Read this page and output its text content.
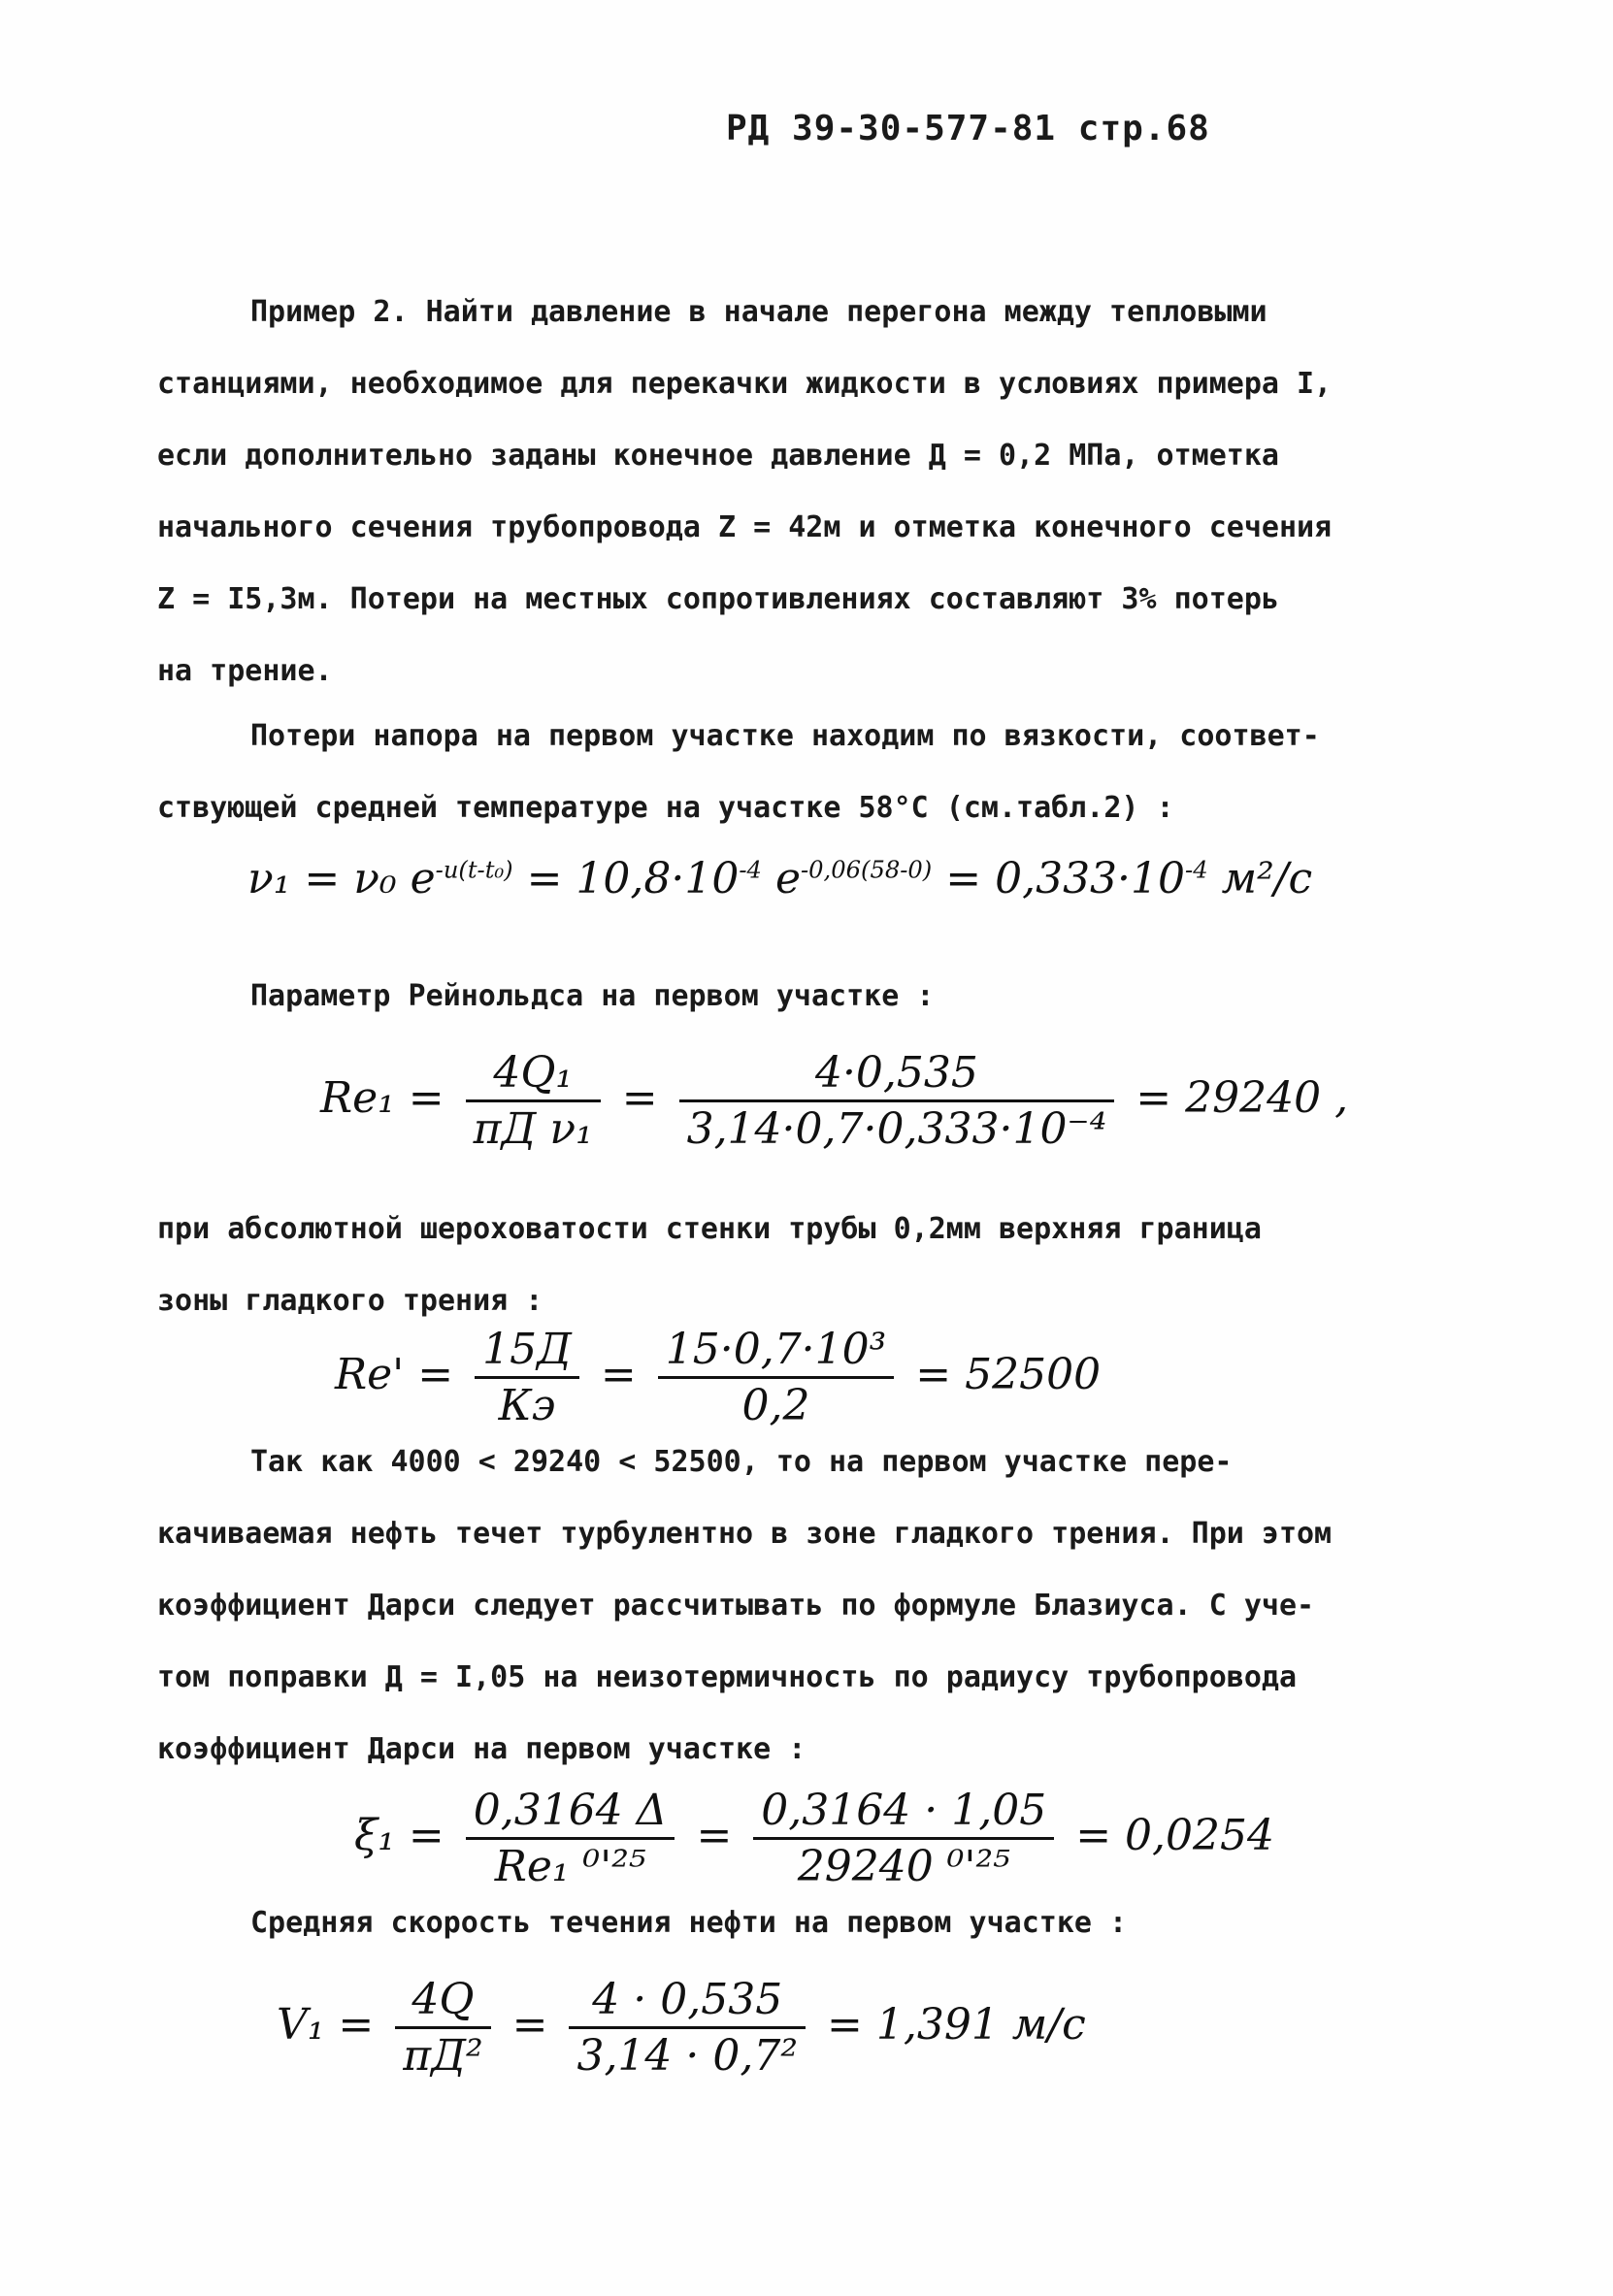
РД 39-30-577-81 стр.68
Пример 2. Найти давление в начале перегона между тепловыми
станциями, необходимое для перекачки жидкости в условиях примера I,
если дополнительно заданы конечное давление Д = 0,2 МПа, отметка
начального сечения трубопровода Z = 42м и отметка конечного сечения
Z = I5,3м. Потери на местных сопротивлениях составляют 3% потерь
на трение.
Потери напора на первом участке находим по вязкости, соответ-
ствующей средней температуре на участке 58°С (см.табл.2) :
ν₁ = ν₀ $e^{-u(t-t_0)} = 10,8\cdot 10^{-4}$ $e^{-0,06(58-0)} = 0,333\cdot 10^{-4}$ м²/с
Параметр Рейнольдса на первом участке :
$Re_1 = \frac{\text{4Q₁}}{\text{πД ν₁}} = \frac{4\cdot 0,535}{\text{3,14·0,7·0,333·10⁻⁴}} = 29240$ ,
при абсолютной шероховатости стенки трубы 0,2мм верхняя граница
зоны гладкого трения :
$Re' = \frac{15Д}{Кэ} = \frac{\text{15·0,7·10³}}{0,2} = 52500$
Так как 4000 < 29240 < 52500, то на первом участке пере-
качиваемая нефть течет турбулентно в зоне гладкого трения. При этом
коэффициент Дарси следует рассчитывать по формуле Блазиуса. С уче-
том поправки Д = I,05 на неизотермичность по радиусу трубопровода
коэффициент Дарси на первом участке :
$\xi_1 = \frac{0,3164 \Delta}{\text{Re₁ ⁰'²⁵}} = \frac{0,3164 \cdot 1,05}{\text{29240 ⁰'²⁵}} = 0,0254$
Средняя скорость течения нефти на первом участке :
$V_1 = \frac{4Q}{\text{πД²}} = \frac{4 \cdot 0,535}{\text{3,14 · 0,7²}} = 1,391$ м/с
